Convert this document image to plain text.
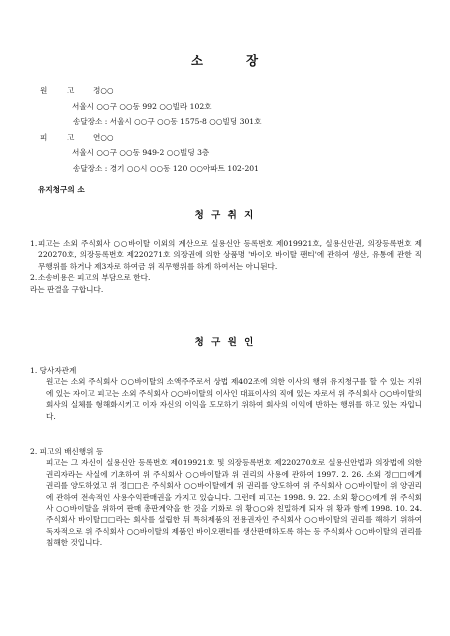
소	장
원	고	정○○
서울시 ○○구 ○○동 992 ○○빌라 102호
송달장소 : 서울시 ○○구 ○○동 1575-8 ○○빌딩 301호
피	고	연○○
서울시 ○○구 ○○동 949-2 ○○빌딩 3층
송달장소 : 경기 ○○시 ○○동 120 ○○아파트 102-201
유지청구의 소
청 구 취 지
1. 피고는 소외 주식회사 ○○바이탈 이외의 계산으로 실용신안 등록번호 제019921호, 실용신안권, 의장등록번호 제220270호, 의장등록번호 제220271호 의장권에 의한 상품명 '바이오 바이탈 팬티'에 관하여 생산, 유통에 관한 직무행위를 하거나 제3자로 하여금 위 직무행위를 하게 하여서는 아니된다.
2. 소송비용은 피고의 부담으로 한다.

라는 판결을 구합니다.

청 구 원 인

1. 당사자관계

원고는 소외 주식회사 ○○바이탈의 소액주주로서 상법 제402조에 의한 이사의 행위 유지청구를 할 수 있는 지위에 있는 자이고 피고는 소외 주식회사 ○○바이탈의 이사인 대표이사의 직에 있는 자로서 위 주식회사 ○○바이탈의 회사의 실체를 형해화시키고 이자 자신의 이익을 도모하기 위하여 회사의 이익에 반하는 행위를 하고 있는 자입니다.

2. 피고의 배신행위 등

피고는 그 자신이 실용신안 등록번호 제019921호 및 의장등록번호 제220270호로 실용신안법과 의장법에 의한 권리자라는 사실에 기초하여 위 주식회사 ○○바이탈과 위 권리의 사용에 관하여 1997. 2. 26. 소외 정□□에게 권리를 양도하였고 위 정□□은 주식회사 ○○바이탈에게 위 권리를 양도하여 위 주식회사 ○○바이탈이 위 양권리에 관하여 전속적인 사용수익판매권을 가지고 있습니다. 그런데 피고는 1998. 9. 22. 소외 황○○에게 위 주식회사 ○○바이탈을 위하여 판매 총판계약을 한 것을 기화로 위 황○○와 친밀하게 되자 위 황과 함께 1998. 10. 24. 주식회사 바이탈□□라는 회사를 설립한 뒤 특허제품의 전용권자인 주식회사 ○○바이탈의 권리를 해하기 위하여 독자적으로 위 주식회사 ○○바이탈의 제품인 바이오팬티를 생산판매하도록 하는 등 주식회사 ○○바이탈의 권리를 침해한 것입니다.
